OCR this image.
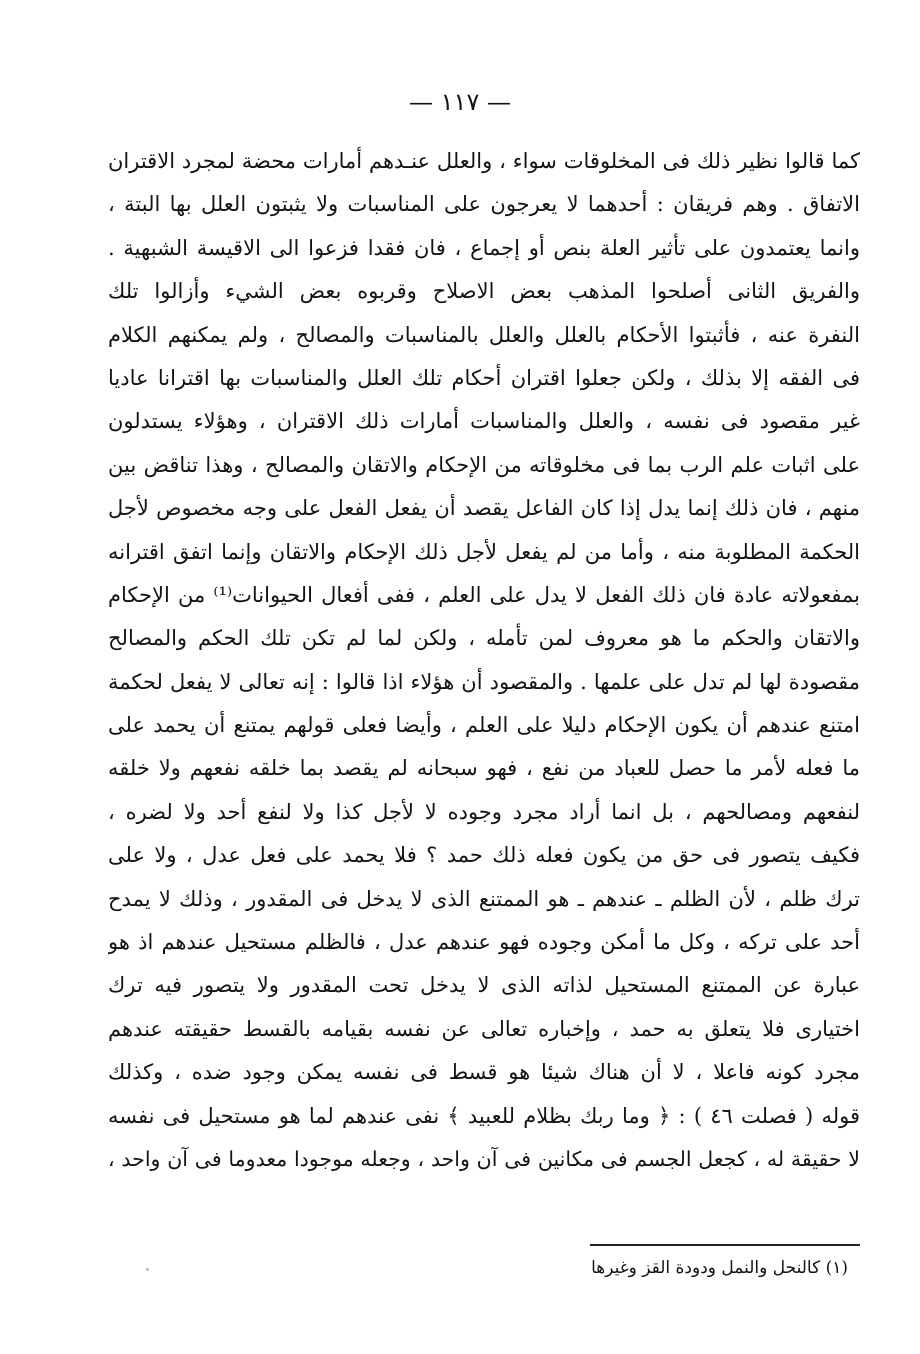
— ١١٧ —
كما قالوا نظير ذلك فى المخلوقات سواء ، والعلل عنـدهم أمارات محضة لمجرد الاقتران
الاتفاق . وهم فريقان : أحدهما لا يعرجون على المناسبات ولا يثبتون العلل بها البتة ،
وانما يعتمدون على تأثير العلة بنص أو إجماع ، فان فقدا فزعوا الى الاقيسة الشبهية .
والفريق الثانى أصلحوا المذهب بعض الاصلاح وقربوه بعض الشيء وأزالوا تلك
النفرة عنه ، فأثبتوا الأحكام بالعلل والعلل بالمناسبات والمصالح ، ولم يمكنهم الكلام
فى الفقه إلا بذلك ، ولكن جعلوا اقتران أحكام تلك العلل والمناسبات بها اقترانا عاديا
غير مقصود فى نفسه ، والعلل والمناسبات أمارات ذلك الاقتران ، وهؤلاء يستدلون
على اثبات علم الرب بما فى مخلوقاته من الإحكام والاتقان والمصالح ، وهذا تناقض بين
منهم ، فان ذلك إنما يدل إذا كان الفاعل يقصد أن يفعل الفعل على وجه مخصوص لأجل
الحكمة المطلوبة منه ، وأما من لم يفعل لأجل ذلك الإحكام والاتقان وإنما اتفق اقترانه
بمفعولاته عادة فان ذلك الفعل لا يدل على العلم ، ففى أفعال الحيوانات⁽¹⁾ من الإحكام
والاتقان والحكم ما هو معروف لمن تأمله ، ولكن لما لم تكن تلك الحكم والمصالح
مقصودة لها لم تدل على علمها . والمقصود أن هؤلاء اذا قالوا : إنه تعالى لا يفعل لحكمة
امتنع عندهم أن يكون الإحكام دليلا على العلم ، وأيضا فعلى قولهم يمتنع أن يحمد على
ما فعله لأمر ما حصل للعباد من نفع ، فهو سبحانه لم يقصد بما خلقه نفعهم ولا خلقه
لنفعهم ومصالحهم ، بل انما أراد مجرد وجوده لا لأجل كذا ولا لنفع أحد ولا لضره ،
فكيف يتصور فى حق من يكون فعله ذلك حمد ؟ فلا يحمد على فعل عدل ، ولا على
ترك ظلم ، لأن الظلم ـ عندهم ـ هو الممتنع الذى لا يدخل فى المقدور ، وذلك لا يمدح
أحد على تركه ، وكل ما أمكن وجوده فهو عندهم عدل ، فالظلم مستحيل عندهم اذ هو
عبارة عن الممتنع المستحيل لذاته الذى لا يدخل تحت المقدور ولا يتصور فيه ترك
اختيارى فلا يتعلق به حمد ، وإخباره تعالى عن نفسه بقيامه بالقسط حقيقته عندهم
مجرد كونه فاعلا ، لا أن هناك شيئا هو قسط فى نفسه يمكن وجود ضده ، وكذلك
قوله ( فصلت ٤٦ ) : ﴿ وما ربك بظلام للعبيد ﴾ نفى عندهم لما هو مستحيل فى نفسه
لا حقيقة له ، كجعل الجسم فى مكانين فى آن واحد ، وجعله موجودا معدوما فى آن واحد ،
(١) كالنحل والنمل ودودة القز وغيرها
